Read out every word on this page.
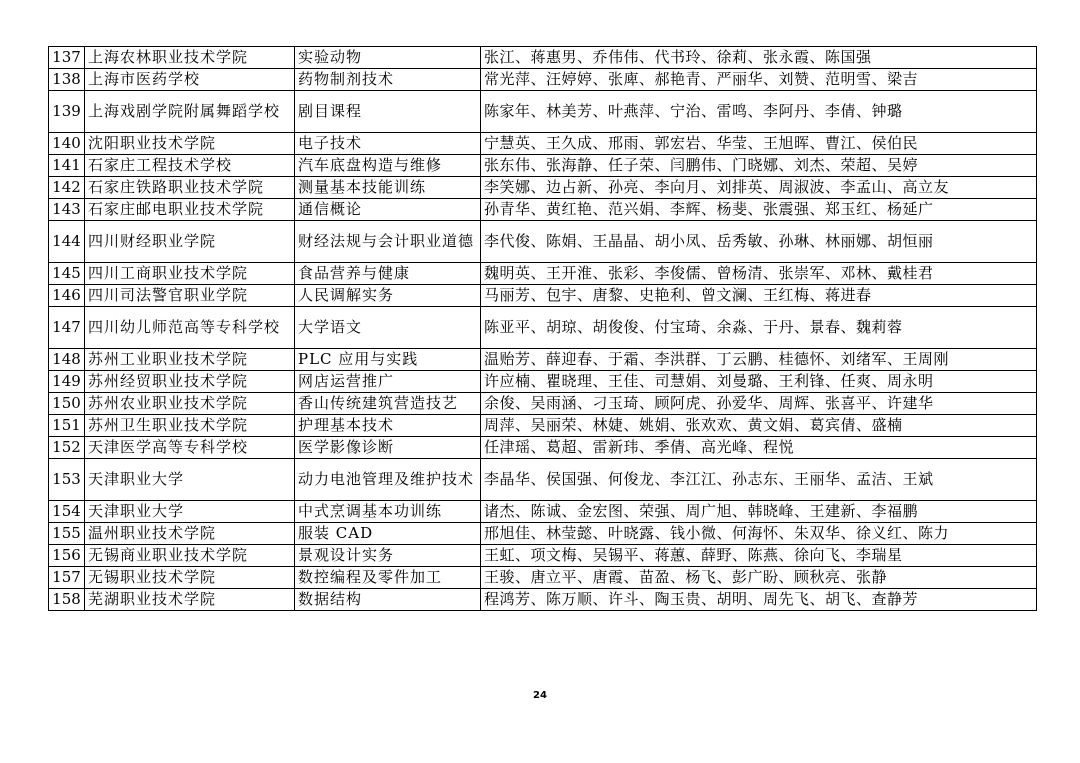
137	上海农林职业技术学院	实验动物	张江、蒋惠男、乔伟伟、代书玲、徐莉、张永霞、陈国强
138	上海市医药学校	药物制剂技术	常光萍、汪婷婷、张庳、郝艳青、严丽华、刘赞、范明雪、梁吉
139	上海戏剧学院附属舞蹈学校	剧目课程	陈家年、林美芳、叶燕萍、宁治、雷鸣、李阿丹、李倩、钟璐
140	沈阳职业技术学院	电子技术	宁慧英、王久成、邢雨、郭宏岩、华莹、王旭晖、曹江、侯伯民
141	石家庄工程技术学校	汽车底盘构造与维修	张东伟、张海静、任子荣、闫鹏伟、门晓娜、刘杰、荣超、吴婷
142	石家庄铁路职业技术学院	测量基本技能训练	李笑娜、边占新、孙亮、李向月、刘排英、周淑波、李孟山、高立友
143	石家庄邮电职业技术学院	通信概论	孙青华、黄红艳、范兴娟、李辉、杨斐、张震强、郑玉红、杨延广
144	四川财经职业学院	财经法规与会计职业道德	李代俊、陈娟、王晶晶、胡小凤、岳秀敏、孙琳、林丽娜、胡恒丽
145	四川工商职业技术学院	食品营养与健康	魏明英、王开淮、张彩、李俊儒、曾杨清、张崇军、邓林、戴桂君
146	四川司法警官职业学院	人民调解实务	马丽芳、包宇、唐黎、史艳利、曾文澜、王红梅、蒋进春
147	四川幼儿师范高等专科学校	大学语文	陈亚平、胡琼、胡俊俊、付宝琦、余淼、于丹、景春、魏莉蓉
148	苏州工业职业技术学院	PLC 应用与实践	温贻芳、薛迎春、于霜、李洪群、丁云鹏、桂德怀、刘绪军、王周刚
149	苏州经贸职业技术学院	网店运营推广	许应楠、瞿晓理、王佳、司慧娟、刘曼璐、王利锋、任爽、周永明
150	苏州农业职业技术学院	香山传统建筑营造技艺	余俊、吴雨涵、刁玉琦、顾阿虎、孙爱华、周辉、张喜平、许建华
151	苏州卫生职业技术学院	护理基本技术	周萍、吴丽荣、林婕、姚娟、张欢欢、黄文娟、葛宾倩、盛楠
152	天津医学高等专科学校	医学影像诊断	任津瑶、葛超、雷新玮、季倩、高光峰、程悦
153	天津职业大学	动力电池管理及维护技术	李晶华、侯国强、何俊龙、李江江、孙志东、王丽华、孟洁、王斌
154	天津职业大学	中式烹调基本功训练	诸杰、陈诚、金宏图、荣强、周广旭、韩晓峰、王建新、李福鹏
155	温州职业技术学院	服装 CAD	邢旭佳、林莹懿、叶晓露、钱小微、何海怀、朱双华、徐义红、陈力
156	无锡商业职业技术学院	景观设计实务	王虹、项文梅、吴锡平、蒋蕙、薛野、陈燕、徐向飞、李瑞星
157	无锡职业技术学院	数控编程及零件加工	王骏、唐立平、唐霞、苗盈、杨飞、彭广盼、顾秋亮、张静
158	芜湖职业技术学院	数据结构	程鸿芳、陈万顺、许斗、陶玉贵、胡明、周先飞、胡飞、查静芳
24
